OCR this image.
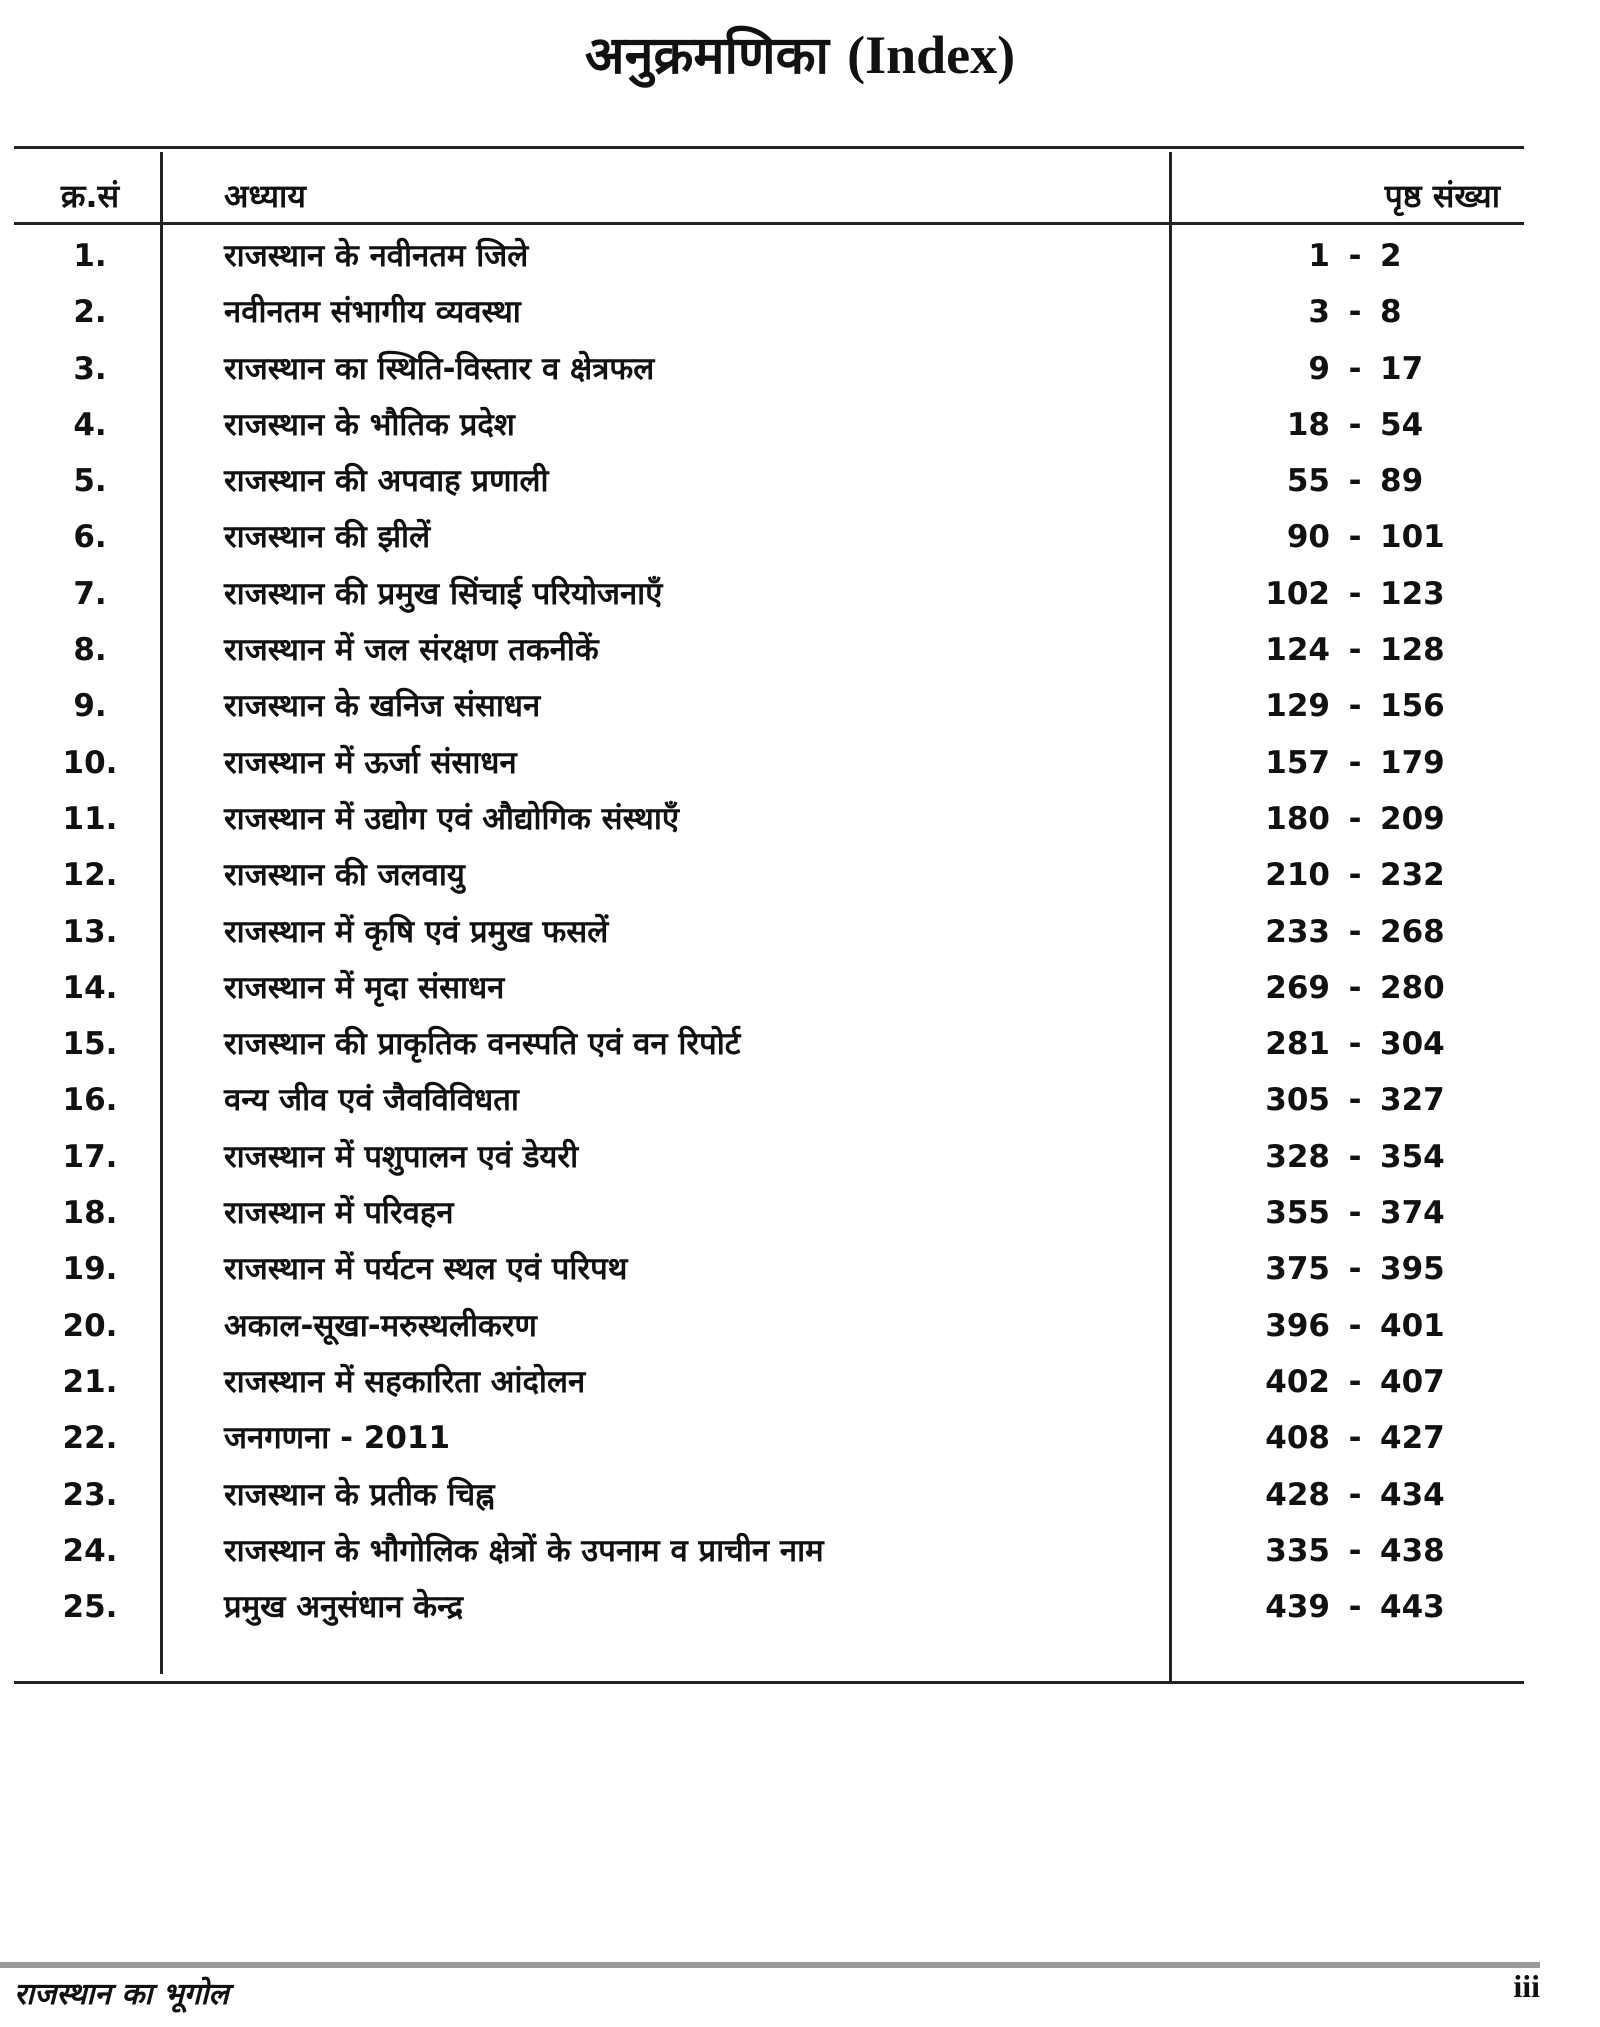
अनुक्रमणिका (Index)
क्र.सं	अध्याय	पृष्ठ संख्या
1.	राजस्थान के नवीनतम जिले	1 - 2
2.	नवीनतम संभागीय व्यवस्था	3 - 8
3.	राजस्थान का स्थिति-विस्तार व क्षेत्रफल	9 - 17
4.	राजस्थान के भौतिक प्रदेश	18 - 54
5.	राजस्थान की अपवाह प्रणाली	55 - 89
6.	राजस्थान की झीलें	90 - 101
7.	राजस्थान की प्रमुख सिंचाई परियोजनाएँ	102 - 123
8.	राजस्थान में जल संरक्षण तकनीकें	124 - 128
9.	राजस्थान के खनिज संसाधन	129 - 156
10.	राजस्थान में ऊर्जा संसाधन	157 - 179
11.	राजस्थान में उद्योग एवं औद्योगिक संस्थाएँ	180 - 209
12.	राजस्थान की जलवायु	210 - 232
13.	राजस्थान में कृषि एवं प्रमुख फसलें	233 - 268
14.	राजस्थान में मृदा संसाधन	269 - 280
15.	राजस्थान की प्राकृतिक वनस्पति एवं वन रिपोर्ट	281 - 304
16.	वन्य जीव एवं जैवविविधता	305 - 327
17.	राजस्थान में पशुपालन एवं डेयरी	328 - 354
18.	राजस्थान में परिवहन	355 - 374
19.	राजस्थान में पर्यटन स्थल एवं परिपथ	375 - 395
20.	अकाल-सूखा-मरुस्थलीकरण	396 - 401
21.	राजस्थान में सहकारिता आंदोलन	402 - 407
22.	जनगणना - 2011	408 - 427
23.	राजस्थान के प्रतीक चिह्न	428 - 434
24.	राजस्थान के भौगोलिक क्षेत्रों के उपनाम व प्राचीन नाम	335 - 438
25.	प्रमुख अनुसंधान केन्द्र	439 - 443
राजस्थान का भूगोल	iii
